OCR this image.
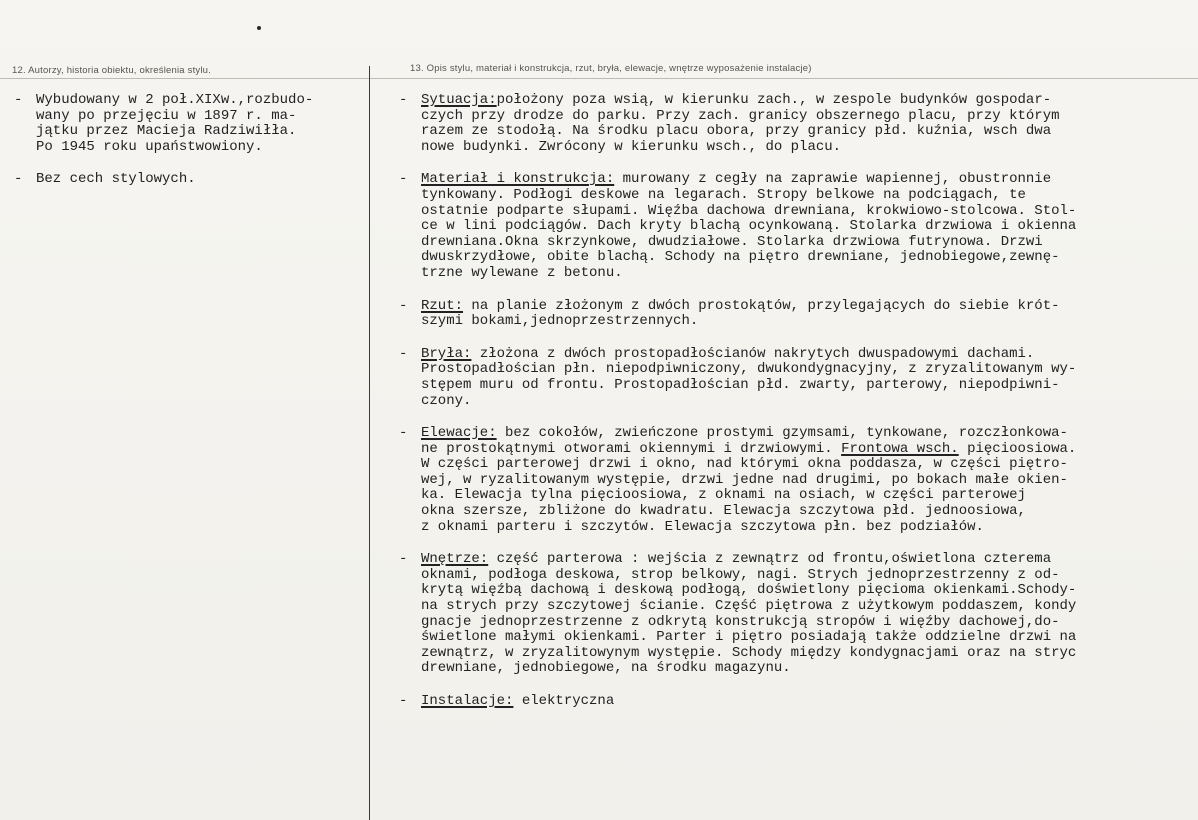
12. Autorzy, historia obiektu, określenia stylu.	13. Opis stylu, materiał i konstrukcja, rzut, bryła, elewacje, wnętrze wyposażenie instalacje)
- Wybudowany w 2 poł.XIXw.,rozbudo-
wany po przejęciu w 1897 r. ma-
jątku przez Macieja Radziwiłła.
Po 1945 roku upaństwowiony.
- Bez cech stylowych.
- Sytuacja:położony poza wsią, w kierunku zach., w zespole budynków gospodar-
czych przy drodze do parku. Przy zach. granicy obszernego placu, przy którym
razem ze stodołą. Na środku placu obora, przy granicy płd. kuźnia, wsch dwa
nowe budynki. Zwrócony w kierunku wsch., do placu.
- Materiał i konstrukcja: murowany z cegły na zaprawie wapiennej, obustronnie
tynkowany. Podłogi deskowe na legarach. Stropy belkowe na podciągach, te
ostatnie podparte słupami. Więźba dachowa drewniana, krokwiowo-stolcowa. Stol-
ce w lini podciągów. Dach kryty blachą ocynkowaną. Stolarka drzwiowa i okienna
drewniana.Okna skrzynkowe, dwudziałowe. Stolarka drzwiowa futrynowa. Drzwi
dwuskrzydłowe, obite blachą. Schody na piętro drewniane, jednobiegowe,zewnę-
trzne wylewane z betonu.
- Rzut: na planie złożonym z dwóch prostokątów, przylegających do siebie krót-
szymi bokami,jednoprzestrzennych.
- Bryła: złożona z dwóch prostopadłościanów nakrytych dwuspadowymi dachami.
Prostopadłościan płn. niepodpiwniczony, dwukondygnacyjny, z zryzalitowanym wy-
stępem muru od frontu. Prostopadłościan płd. zwarty, parterowy, niepodpiwni-
czony.
- Elewacje: bez cokołów, zwieńczone prostymi gzymsami, tynkowane, rozczłonkowa-
ne prostokątnymi otworami okiennymi i drzwiowymi. Frontowa wsch. pięcioosiowa.
W części parterowej drzwi i okno, nad którymi okna poddasza, w części piętro-
wej, w ryzalitowanym występie, drzwi jedne nad drugimi, po bokach małe okien-
ka. Elewacja tylna pięcioosiowa, z oknami na osiach, w części parterowej
okna szersze, zbliżone do kwadratu. Elewacja szczytowa płd. jednoosiowa,
z oknami parteru i szczytów. Elewacja szczytowa płn. bez podziałów.
- Wnętrze: część parterowa : wejścia z zewnątrz od frontu,oświetlona czterema
oknami, podłoga deskowa, strop belkowy, nagi. Strych jednoprzestrzenny z od-
krytą więźbą dachową i deskową podłogą, doświetlony pięcioma okienkami.Schody-
na strych przy szczytowej ścianie. Część piętrowa z użytkowym poddaszem, kondy
gnacje jednoprzestrzenne z odkrytą konstrukcją stropów i więźby dachowej,do-
świetlone małymi okienkami. Parter i piętro posiadają także oddzielne drzwi na
zewnątrz, w zryzalitowynym występie. Schody między kondygnacjami oraz na stryc
drewniane, jednobiegowe, na środku magazynu.
- Instalacje: elektryczna
